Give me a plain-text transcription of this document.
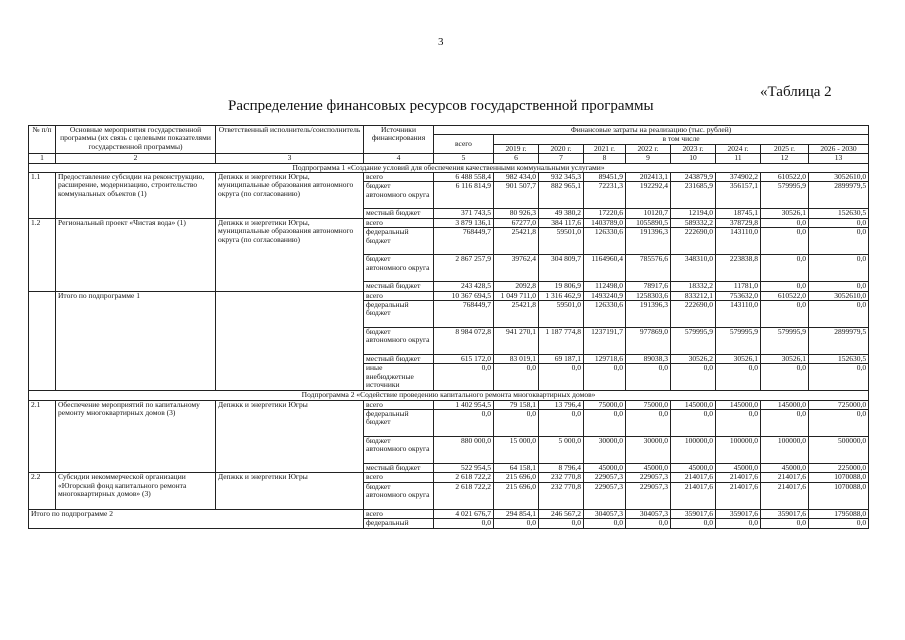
3
«Таблица 2
Распределение финансовых ресурсов государственной программы
№ п/п	Основные мероприятия государственной программы (их связь с целевыми показателями государственной программы)	Ответственный исполнитель/соисполнитель	Источники финансирования	Финансовые затраты на реализацию (тыс. рублей)								
				всего	в том числе							
					2019 г.	2020 г.	2021 г.	2022 г.	2023 г.	2024 г.	2025 г.	2026 - 2030
1	2	3	4	5	6	7	8	9	10	11	12	13
Подпрограмма 1 «Создание условий для обеспечения качественными коммунальными услугами»												
1.1	Предоставление субсидии на реконструкцию, расширение, модернизацию, строительство коммунальных объектов (1)	Депжкк и энергетики Югры, муниципальные образования автономного округа (по согласованию)	всего	6 488 558,4	982 434,0	932 345,3	89451,9	202413,1	243879,9	374902,2	610522,0	3052610,0
			бюджет автономного округа	6 116 814,9	901 507,7	882 965,1	72231,3	192292,4	231685,9	356157,1	579995,9	2899979,5
			местный бюджет	371 743,5	80 926,3	49 380,2	17220,6	10120,7	12194,0	18745,1	30526,1	152630,5
1.2	Региональный проект «Чистая вода» (1)	Депжкк и энергетики Югры, муниципальные образования автономного округа (по согласованию)	всего	3 879 136,1	67277,0	384 117,6	1403789,0	1055890,5	589332,2	378729,8	0,0	0,0
			федеральный бюджет	768449,7	25421,8	59501,0	126330,6	191396,3	222690,0	143110,0	0,0	0,0
			бюджет автономного округа	2 867 257,9	39762,4	304 809,7	1164960,4	785576,6	348310,0	223838,8	0,0	0,0
			местный бюджет	243 428,5	2092,8	19 806,9	112498,0	78917,6	18332,2	11781,0	0,0	0,0
	Итого по подпрограмме 1		всего	10 367 694,5	1 049 711,0	1 316 462,9	1493240,9	1258303,6	833212,1	753632,0	610522,0	3052610,0
			федеральный бюджет	768449,7	25421,8	59501,0	126330,6	191396,3	222690,0	143110,0	0,0	0,0
			бюджет автономного округа	8 984 072,8	941 270,1	1 187 774,8	1237191,7	977869,0	579995,9	579995,9	579995,9	2899979,5
			местный бюджет	615 172,0	83 019,1	69 187,1	129718,6	89038,3	30526,2	30526,1	30526,1	152630,5
			иные внебюджетные источники	0,0	0,0	0,0	0,0	0,0	0,0	0,0	0,0	0,0
Подпрограмма 2 «Содействие проведению капитального ремонта многоквартирных домов»												
2.1	Обеспечение мероприятий по капитальному ремонту многоквартирных домов (3)	Депжкк и энергетики Югры	всего	1 402 954,5	79 158,1	13 796,4	75000,0	75000,0	145000,0	145000,0	145000,0	725000,0
			федеральный бюджет	0,0	0,0	0,0	0,0	0,0	0,0	0,0	0,0	0,0
			бюджет автономного округа	880 000,0	15 000,0	5 000,0	30000,0	30000,0	100000,0	100000,0	100000,0	500000,0
			местный бюджет	522 954,5	64 158,1	8 796,4	45000,0	45000,0	45000,0	45000,0	45000,0	225000,0
2.2	Субсидии некоммерческой организации «Югорский фонд капитального ремонта многоквартирных домов» (3)	Депжкк и энергетики Югры	всего	2 618 722,2	215 696,0	232 770,8	229057,3	229057,3	214017,6	214017,6	214017,6	1070088,0
			бюджет автономного округа	2 618 722,2	215 696,0	232 770,8	229057,3	229057,3	214017,6	214017,6	214017,6	1070088,0
Итого по подпрограмме 2			всего	4 021 676,7	294 854,1	246 567,2	304057,3	304057,3	359017,6	359017,6	359017,6	1795088,0
			федеральный	0,0	0,0	0,0	0,0	0,0	0,0	0,0	0,0	0,0
